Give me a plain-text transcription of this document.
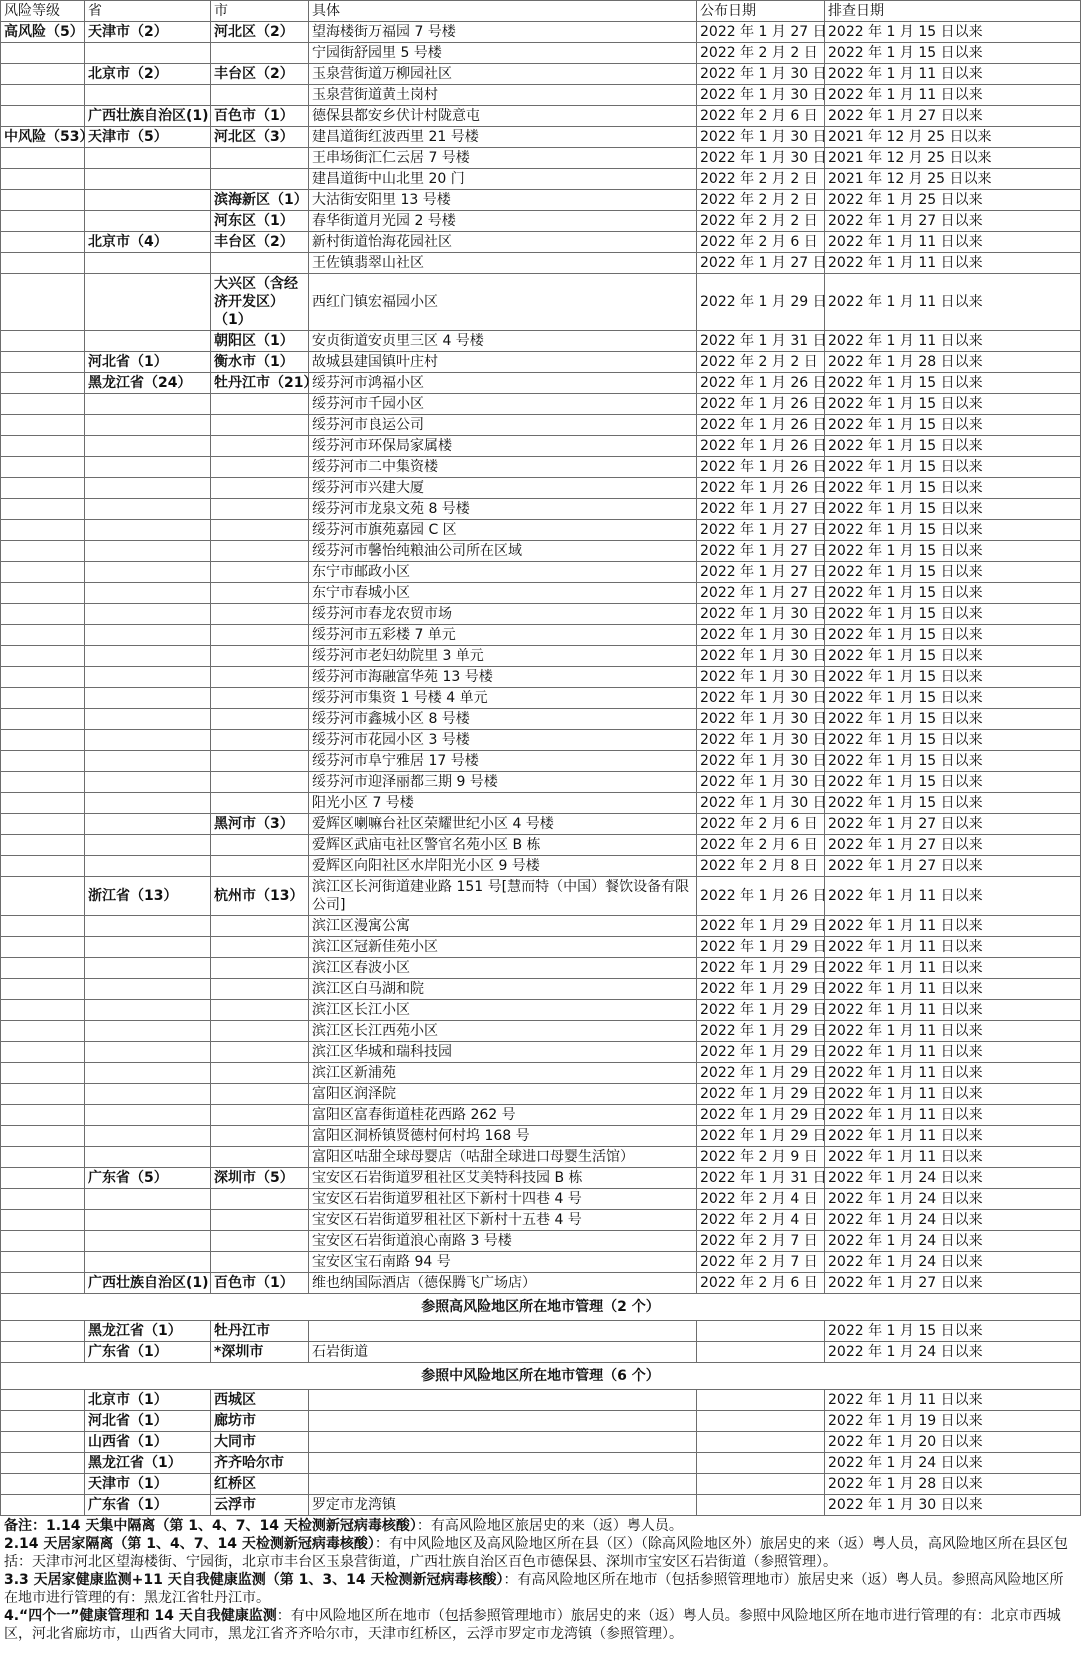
风险等级	省	市	具体	公布日期	排查日期
高风险（5）	天津市（2）	河北区（2）	望海楼街万福园 7 号楼	2022 年 1 月 27 日	2022 年 1 月 15 日以来
			宁园街舒园里 5 号楼	2022 年 2 月 2 日	2022 年 1 月 15 日以来
	北京市（2）	丰台区（2）	玉泉营街道万柳园社区	2022 年 1 月 30 日	2022 年 1 月 11 日以来
			玉泉营街道黄土岗村	2022 年 1 月 30 日	2022 年 1 月 11 日以来
	广西壮族自治区(1)	百色市（1）	德保县都安乡伏计村陇意屯	2022 年 2 月 6 日	2022 年 1 月 27 日以来
中风险（53）	天津市（5）	河北区（3）	建昌道街红波西里 21 号楼	2022 年 1 月 30 日	2021 年 12 月 25 日以来
			王串场街汇仁云居 7 号楼	2022 年 1 月 30 日	2021 年 12 月 25 日以来
			建昌道街中山北里 20 门	2022 年 2 月 2 日	2021 年 12 月 25 日以来
		滨海新区（1）	大沽街安阳里 13 号楼	2022 年 2 月 2 日	2022 年 1 月 25 日以来
		河东区（1）	春华街道月光园 2 号楼	2022 年 2 月 2 日	2022 年 1 月 27 日以来
	北京市（4）	丰台区（2）	新村街道怡海花园社区	2022 年 2 月 6 日	2022 年 1 月 11 日以来
			王佐镇翡翠山社区	2022 年 1 月 27 日	2022 年 1 月 11 日以来
		大兴区（含经济开发区）（1）	西红门镇宏福园小区	2022 年 1 月 29 日	2022 年 1 月 11 日以来
		朝阳区（1）	安贞街道安贞里三区 4 号楼	2022 年 1 月 31 日	2022 年 1 月 11 日以来
	河北省（1）	衡水市（1）	故城县建国镇叶庄村	2022 年 2 月 2 日	2022 年 1 月 28 日以来
	黑龙江省（24）	牡丹江市（21）	绥芬河市鸿福小区	2022 年 1 月 26 日	2022 年 1 月 15 日以来
			绥芬河市千园小区	2022 年 1 月 26 日	2022 年 1 月 15 日以来
			绥芬河市良运公司	2022 年 1 月 26 日	2022 年 1 月 15 日以来
			绥芬河市环保局家属楼	2022 年 1 月 26 日	2022 年 1 月 15 日以来
			绥芬河市二中集资楼	2022 年 1 月 26 日	2022 年 1 月 15 日以来
			绥芬河市兴建大厦	2022 年 1 月 26 日	2022 年 1 月 15 日以来
			绥芬河市龙泉文苑 8 号楼	2022 年 1 月 27 日	2022 年 1 月 15 日以来
			绥芬河市旗苑嘉园 C 区	2022 年 1 月 27 日	2022 年 1 月 15 日以来
			绥芬河市馨怡纯粮油公司所在区域	2022 年 1 月 27 日	2022 年 1 月 15 日以来
			东宁市邮政小区	2022 年 1 月 27 日	2022 年 1 月 15 日以来
			东宁市春城小区	2022 年 1 月 27 日	2022 年 1 月 15 日以来
			绥芬河市春龙农贸市场	2022 年 1 月 30 日	2022 年 1 月 15 日以来
			绥芬河市五彩楼 7 单元	2022 年 1 月 30 日	2022 年 1 月 15 日以来
			绥芬河市老妇幼院里 3 单元	2022 年 1 月 30 日	2022 年 1 月 15 日以来
			绥芬河市海融富华苑 13 号楼	2022 年 1 月 30 日	2022 年 1 月 15 日以来
			绥芬河市集资 1 号楼 4 单元	2022 年 1 月 30 日	2022 年 1 月 15 日以来
			绥芬河市鑫城小区 8 号楼	2022 年 1 月 30 日	2022 年 1 月 15 日以来
			绥芬河市花园小区 3 号楼	2022 年 1 月 30 日	2022 年 1 月 15 日以来
			绥芬河市阜宁雅居 17 号楼	2022 年 1 月 30 日	2022 年 1 月 15 日以来
			绥芬河市迎泽丽都三期 9 号楼	2022 年 1 月 30 日	2022 年 1 月 15 日以来
			阳光小区 7 号楼	2022 年 1 月 30 日	2022 年 1 月 15 日以来
		黑河市（3）	爱辉区喇嘛台社区荣耀世纪小区 4 号楼	2022 年 2 月 6 日	2022 年 1 月 27 日以来
			爱辉区武庙屯社区警官名苑小区 B 栋	2022 年 2 月 6 日	2022 年 1 月 27 日以来
			爱辉区向阳社区水岸阳光小区 9 号楼	2022 年 2 月 8 日	2022 年 1 月 27 日以来
	浙江省（13）	杭州市（13）	滨江区长河街道建业路 151 号[慧而特（中国）餐饮设备有限公司]	2022 年 1 月 26 日	2022 年 1 月 11 日以来
			滨江区漫寓公寓	2022 年 1 月 29 日	2022 年 1 月 11 日以来
			滨江区冠新佳苑小区	2022 年 1 月 29 日	2022 年 1 月 11 日以来
			滨江区春波小区	2022 年 1 月 29 日	2022 年 1 月 11 日以来
			滨江区白马湖和院	2022 年 1 月 29 日	2022 年 1 月 11 日以来
			滨江区长江小区	2022 年 1 月 29 日	2022 年 1 月 11 日以来
			滨江区长江西苑小区	2022 年 1 月 29 日	2022 年 1 月 11 日以来
			滨江区华城和瑞科技园	2022 年 1 月 29 日	2022 年 1 月 11 日以来
			滨江区新浦苑	2022 年 1 月 29 日	2022 年 1 月 11 日以来
			富阳区润泽院	2022 年 1 月 29 日	2022 年 1 月 11 日以来
			富阳区富春街道桂花西路 262 号	2022 年 1 月 29 日	2022 年 1 月 11 日以来
			富阳区洞桥镇贤德村何村坞 168 号	2022 年 1 月 29 日	2022 年 1 月 11 日以来
			富阳区咕甜全球母婴店（咕甜全球进口母婴生活馆）	2022 年 2 月 9 日	2022 年 1 月 11 日以来
	广东省（5）	深圳市（5）	宝安区石岩街道罗租社区艾美特科技园 B 栋	2022 年 1 月 31 日	2022 年 1 月 24 日以来
			宝安区石岩街道罗租社区下新村十四巷 4 号	2022 年 2 月 4 日	2022 年 1 月 24 日以来
			宝安区石岩街道罗租社区下新村十五巷 4 号	2022 年 2 月 4 日	2022 年 1 月 24 日以来
			宝安区石岩街道浪心南路 3 号楼	2022 年 2 月 7 日	2022 年 1 月 24 日以来
			宝安区宝石南路 94 号	2022 年 2 月 7 日	2022 年 1 月 24 日以来
	广西壮族自治区(1)	百色市（1）	维也纳国际酒店（德保腾飞广场店）	2022 年 2 月 6 日	2022 年 1 月 27 日以来
参照高风险地区所在地市管理（2 个）					
	黑龙江省（1）	牡丹江市			2022 年 1 月 15 日以来
	广东省（1）	*深圳市	石岩街道		2022 年 1 月 24 日以来
参照中风险地区所在地市管理（6 个）					
	北京市（1）	西城区			2022 年 1 月 11 日以来
	河北省（1）	廊坊市			2022 年 1 月 19 日以来
	山西省（1）	大同市			2022 年 1 月 20 日以来
	黑龙江省（1）	齐齐哈尔市			2022 年 1 月 24 日以来
	天津市（1）	红桥区			2022 年 1 月 28 日以来
	广东省（1）	云浮市	罗定市龙湾镇		2022 年 1 月 30 日以来
备注：1.14 天集中隔离（第 1、4、7、14 天检测新冠病毒核酸）：有高风险地区旅居史的来（返）粤人员。
2.14 天居家隔离（第 1、4、7、14 天检测新冠病毒核酸）：有中风险地区及高风险地区所在县（区）（除高风险地区外）旅居史的来（返）粤人员，高风险地区所在县区包括：天津市河北区望海楼街、宁园街，北京市丰台区玉泉营街道，广西壮族自治区百色市德保县、深圳市宝安区石岩街道（参照管理）。
3.3 天居家健康监测+11 天自我健康监测（第 1、3、14 天检测新冠病毒核酸）：有高风险地区所在地市（包括参照管理地市）旅居史来（返）粤人员。参照高风险地区所在地市进行管理的有：黑龙江省牡丹江市。
4.“四个一”健康管理和 14 天自我健康监测：有中风险地区所在地市（包括参照管理地市）旅居史的来（返）粤人员。参照中风险地区所在地市进行管理的有：北京市西城区，河北省廊坊市，山西省大同市，黑龙江省齐齐哈尔市，天津市红桥区，云浮市罗定市龙湾镇（参照管理）。
